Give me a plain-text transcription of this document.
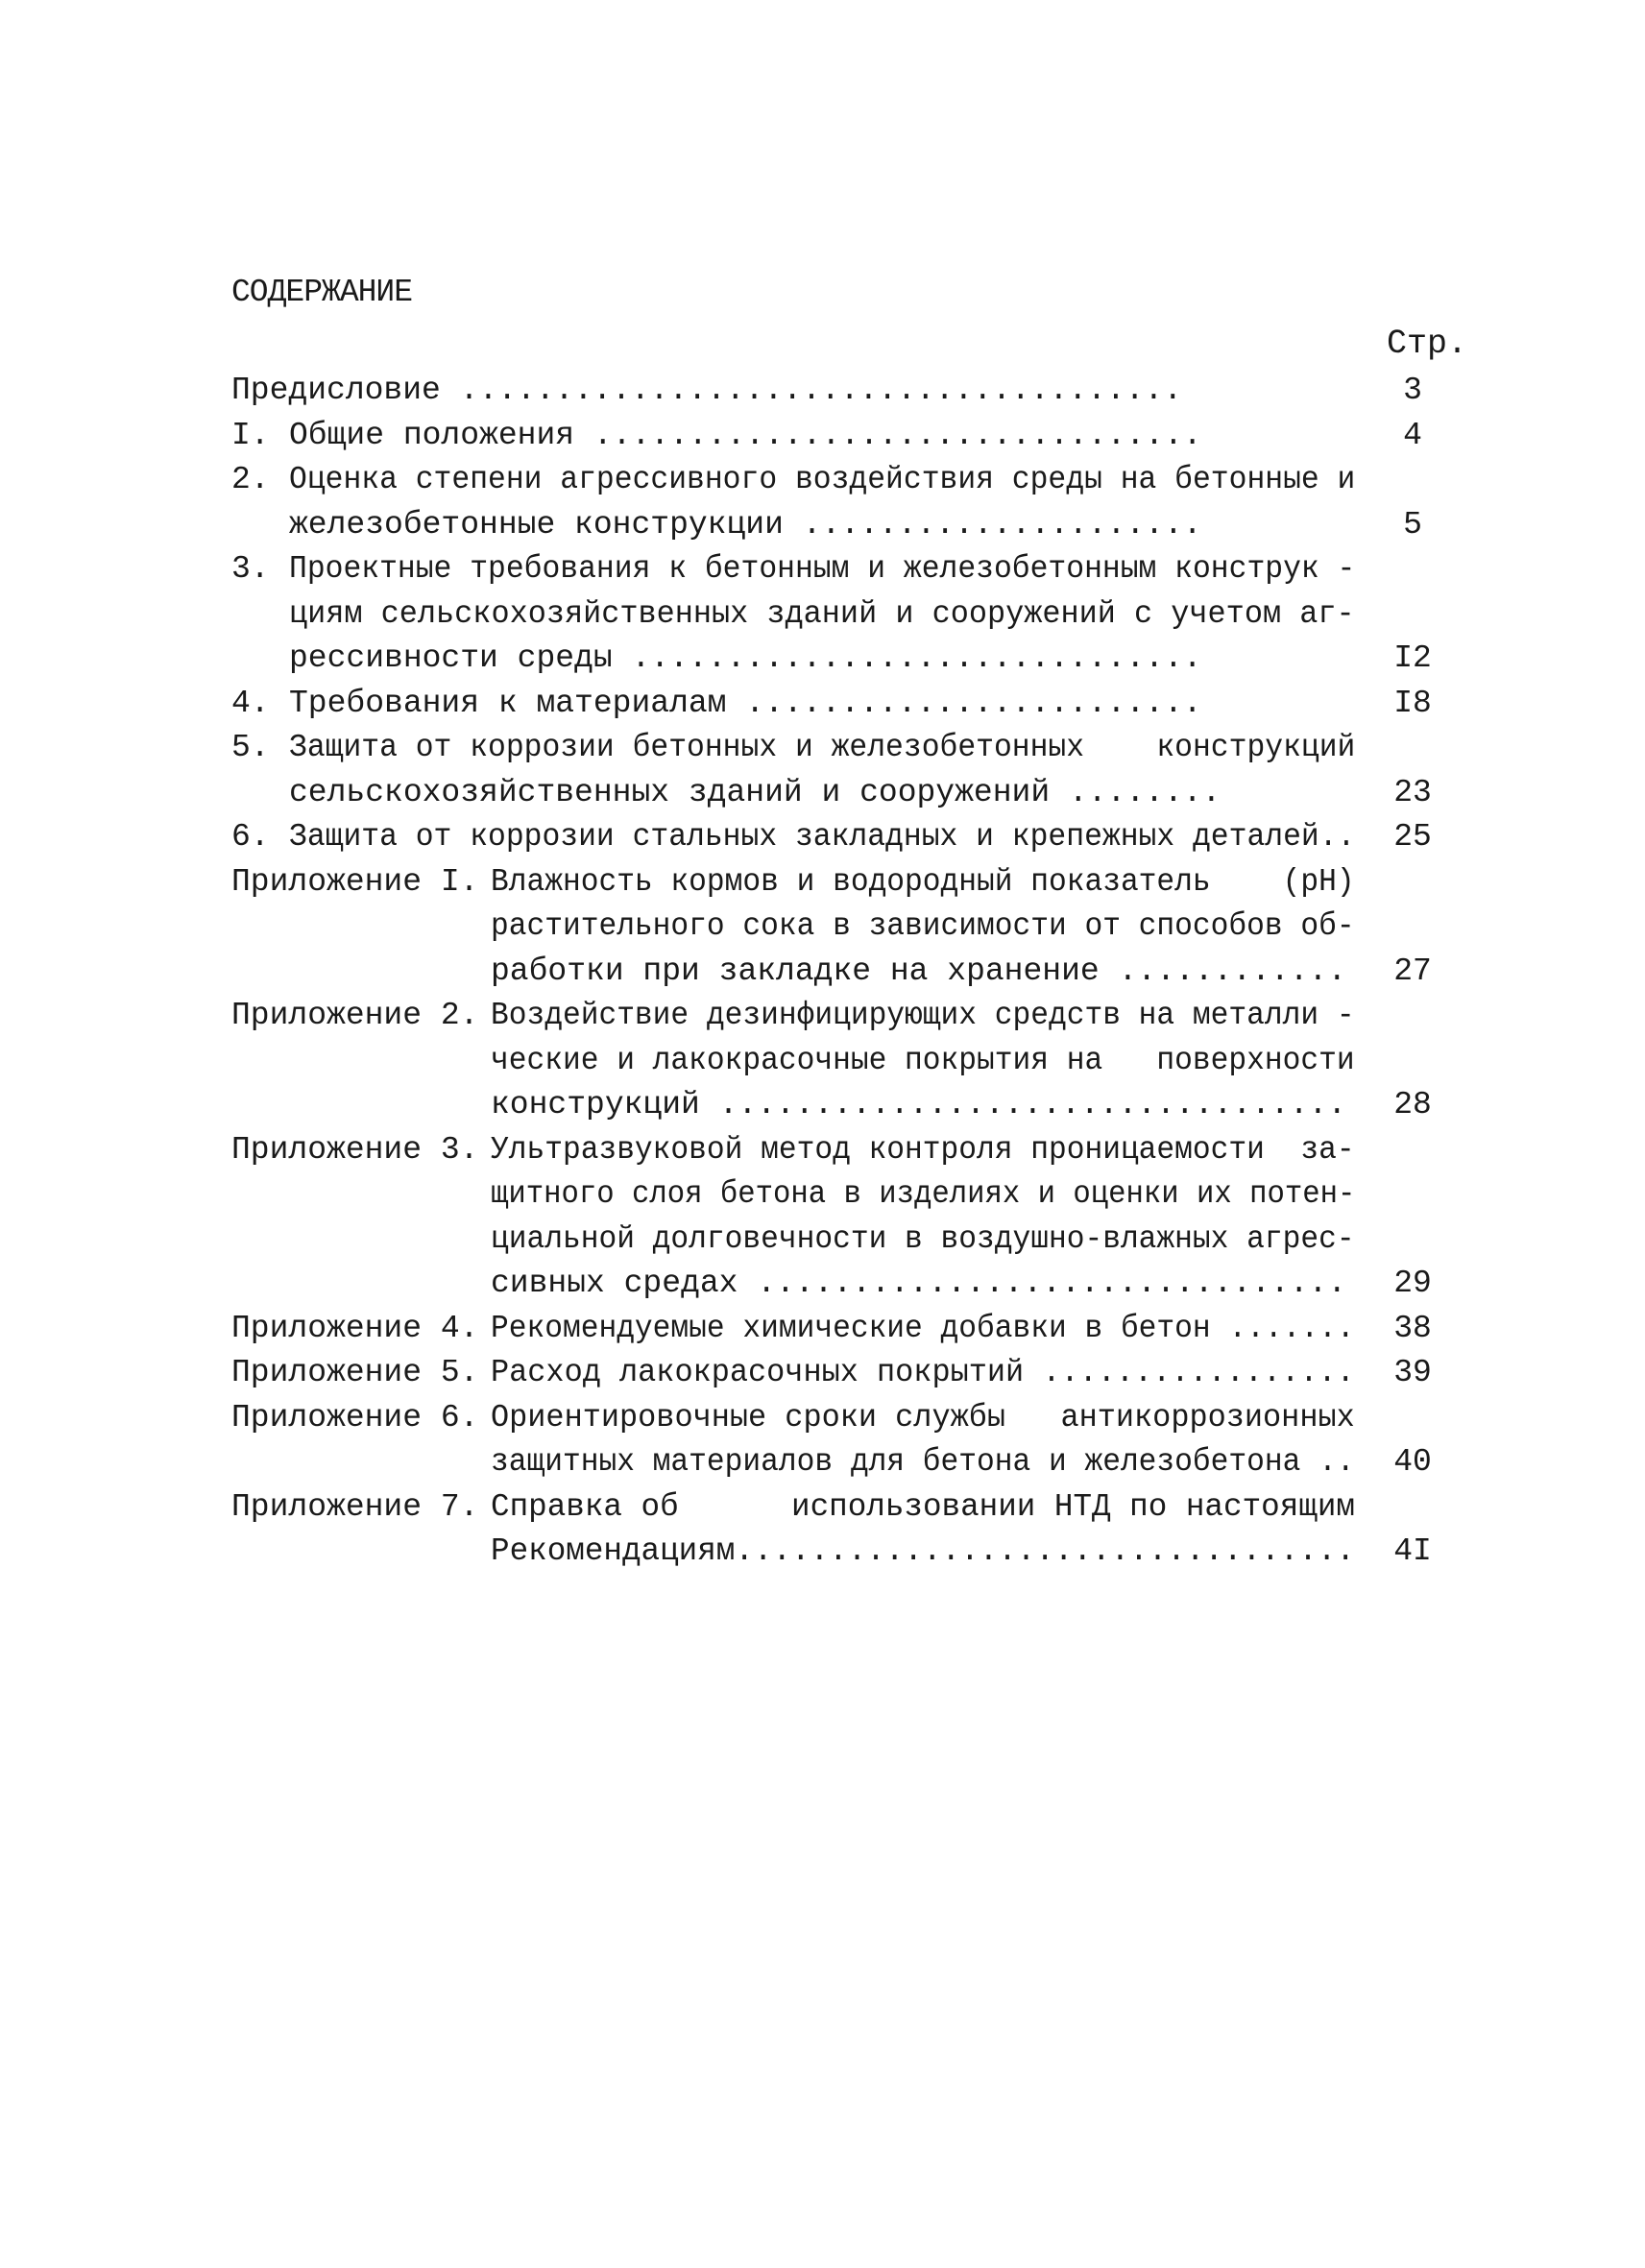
СОДЕРЖАНИЕ
Стр.
Предисловие ......................................	3
I. Общие положения ................................	4
2. Оценка степени агрессивного воздействия среды на бетонные и
железобетонные конструкции .....................	5
3. Проектные требования к бетонным и железобетонным конструк -
циям сельскохозяйственных зданий и сооружений с учетом аг-
рессивности среды ..............................	I2
4. Требования к материалам ........................	I8
5. Защита от коррозии бетонных и железобетонных    конструкций
сельскохозяйственных зданий и сооружений ........	23
6. Защита от коррозии стальных закладных и крепежных деталей..	25
Приложение I. Влажность кормов и водородный показатель    (pH)
растительного сока в зависимости от способов об-
работки при закладке на хранение ............	27
Приложение 2. Воздействие дезинфицирующих средств на металли -
ческие и лакокрасочные покрытия на   поверхности
конструкций .................................	28
Приложение 3. Ультразвуковой метод контроля проницаемости  за-
щитного слоя бетона в изделиях и оценки их потен-
циальной долговечности в воздушно-влажных агрес-
сивных средах ...............................	29
Приложение 4. Рекомендуемые химические добавки в бетон .......	38
Приложение 5. Расход лакокрасочных покрытий .................	39
Приложение 6. Ориентировочные сроки службы   антикоррозионных
защитных материалов для бетона и железобетона ..	40
Приложение 7. Справка об      использовании НТД по настоящим
Рекомендациям.................................	4I
